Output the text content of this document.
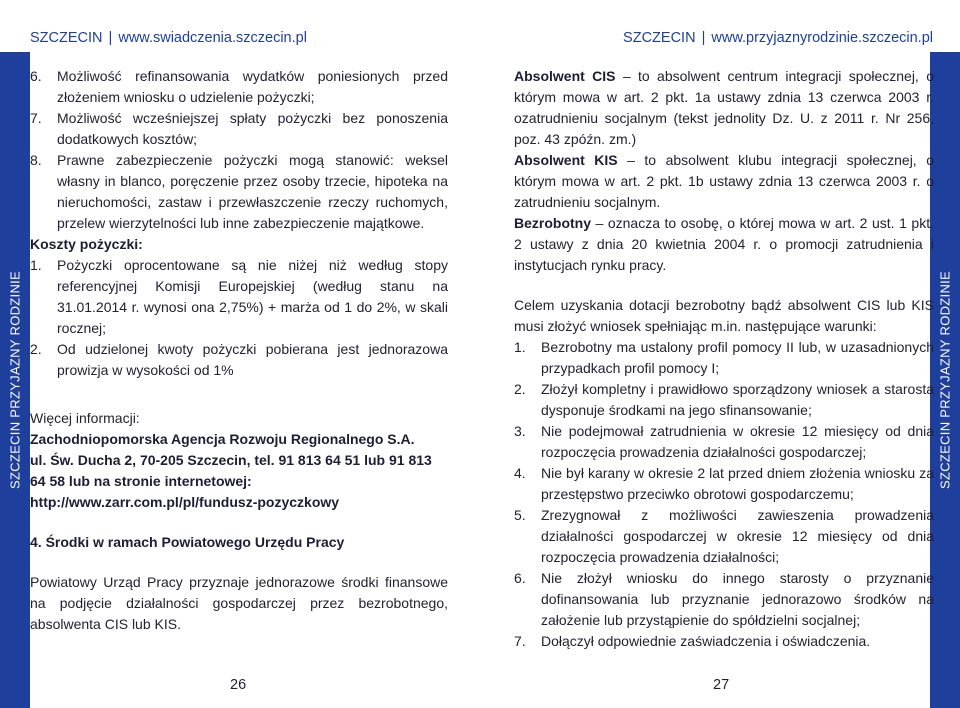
SZCZECIN | www.swiadczenia.szczecin.pl	SZCZECIN | www.przyjaznyrodzinie.szczecin.pl
SZCZECIN PRZYJAZNY RODZINIE	SZCZECIN PRZYJAZNY RODZINIE
6.	Możliwość refinansowania wydatków poniesionych przed złożeniem wniosku o udzielenie pożyczki;
7.	Możliwość wcześniejszej spłaty pożyczki bez ponoszenia dodatkowych kosztów;
8.	Prawne zabezpieczenie pożyczki mogą stanowić: weksel własny in blanco, poręczenie przez osoby trzecie, hipoteka na nieruchomości, zastaw i przewłaszczenie rzeczy ruchomych, przelew wierzytelności lub inne zabezpieczenie majątkowe.
Koszty pożyczki:
1.	Pożyczki oprocentowane są nie niżej niż według stopy referencyjnej Komisji Europejskiej (według stanu na 31.01.2014 r. wynosi ona 2,75%) + marża od 1 do 2%, w skali rocznej;
2.	Od udzielonej kwoty pożyczki pobierana jest jednorazowa prowizja w wysokości od 1%
Więcej informacji:
Zachodniopomorska Agencja Rozwoju Regionalnego S.A.
ul. Św. Ducha 2, 70-205 Szczecin, tel. 91 813 64 51 lub 91 813 64 58 lub na stronie internetowej: http://www.zarr.com.pl/pl/fundusz-pozyczkowy
4. Środki w ramach Powiatowego Urzędu Pracy
Powiatowy Urząd Pracy przyznaje jednorazowe środki finansowe na podjęcie działalności gospodarczej przez bezrobotnego, absolwenta CIS lub KIS.
Absolwent CIS – to absolwent centrum integracji społecznej, o którym mowa w art. 2 pkt. 1a ustawy zdnia 13 czerwca 2003 r. ozatrudnieniu socjalnym (tekst jednolity Dz. U. z 2011 r. Nr 256, poz. 43 zpóźn. zm.)
Absolwent KIS – to absolwent klubu integracji społecznej, o którym mowa w art. 2 pkt. 1b ustawy zdnia 13 czerwca 2003 r. o zatrudnieniu socjalnym.
Bezrobotny – oznacza to osobę, o której mowa w art. 2 ust. 1 pkt. 2 ustawy z dnia 20 kwietnia 2004 r. o promocji zatrudnienia i instytucjach rynku pracy.
Celem uzyskania dotacji bezrobotny bądź absolwent CIS lub KIS musi złożyć wniosek spełniając m.in. następujące warunki:
1.	Bezrobotny ma ustalony profil pomocy II lub, w uzasadnionych przypadkach profil pomocy I;
2.	Złożył kompletny i prawidłowo sporządzony wniosek a starosta dysponuje środkami na jego sfinansowanie;
3.	Nie podejmował zatrudnienia w okresie 12 miesięcy od dnia rozpoczęcia prowadzenia działalności gospodarczej;
4.	Nie był karany w okresie 2 lat przed dniem złożenia wniosku za przestępstwo przeciwko obrotowi gospodarczemu;
5.	Zrezygnował z możliwości zawieszenia prowadzenia działalności gospodarczej w okresie 12 miesięcy od dnia rozpoczęcia prowadzenia działalności;
6.	Nie złożył wniosku do innego starosty o przyznanie dofinansowania lub przyznanie jednorazowo środków na założenie lub przystąpienie do spółdzielni socjalnej;
7.	Dołączył odpowiednie zaświadczenia i oświadczenia.
26	27
